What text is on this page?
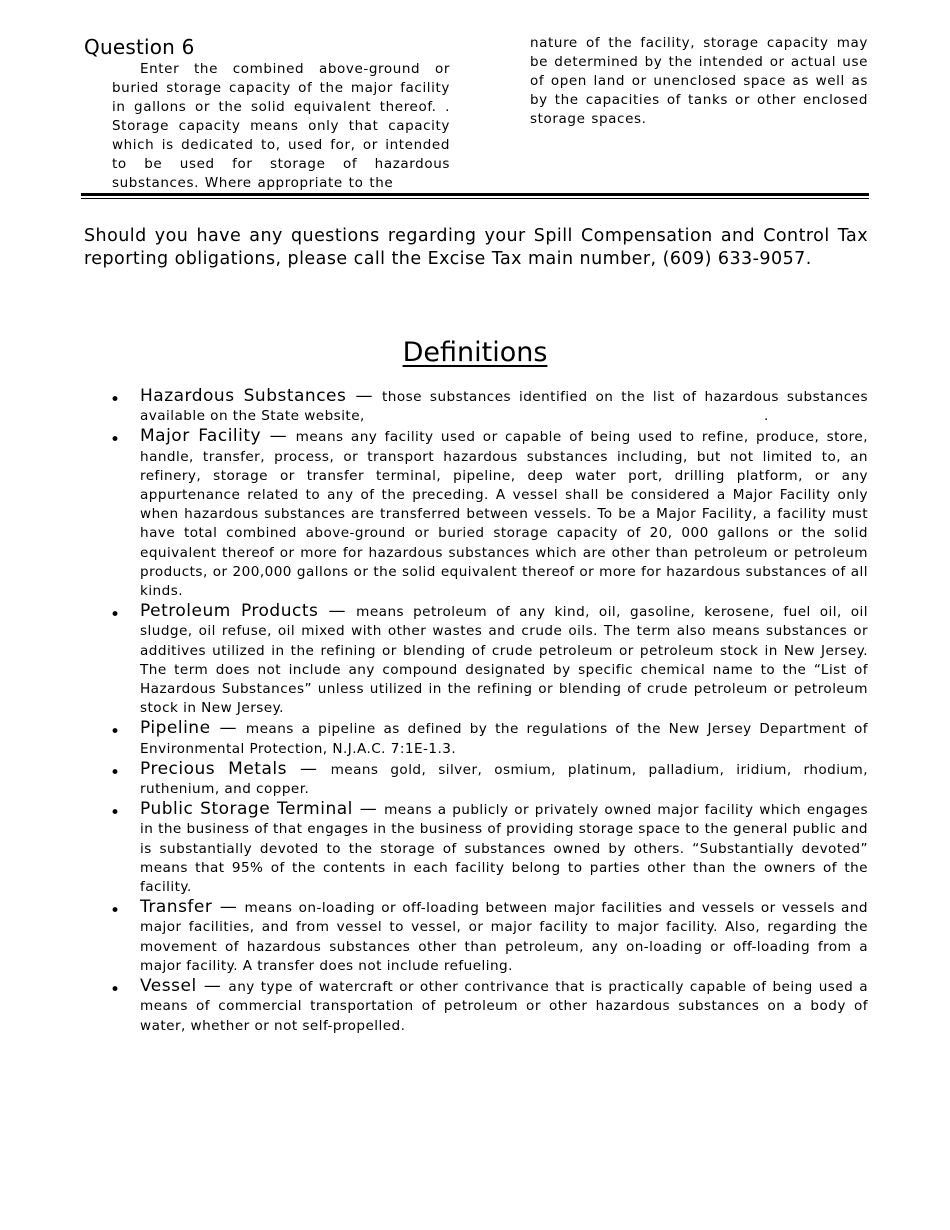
Question 6

Enter the combined above-ground or buried storage capacity of the major facility in gallons or the solid equivalent thereof. . Storage capacity means only that capacity which is dedicated to, used for, or intended to be used for storage of hazardous substances. Where appropriate to the

nature of the facility, storage capacity may be determined by the intended or actual use of open land or unenclosed space as well as by the capacities of tanks or other enclosed storage spaces.

Should you have any questions regarding your Spill Compensation and Control Tax reporting obligations, please call the Excise Tax main number, (609) 633-9057.

Definitions
• Hazardous Substances — those substances identified on the list of hazardous substances available on the State website,	.

• Major Facility — means any facility used or capable of being used to refine, produce, store, handle, transfer, process, or transport hazardous substances including, but not limited to, an refinery, storage or transfer terminal, pipeline, deep water port, drilling platform, or any appurtenance related to any of the preceding. A vessel shall be considered a Major Facility only when hazardous substances are transferred between vessels. To be a Major Facility, a facility must have total combined above-ground or buried storage capacity of 20, 000 gallons or the solid equivalent thereof or more for hazardous substances which are other than petroleum or petroleum products, or 200,000 gallons or the solid equivalent thereof or more for hazardous substances of all kinds.

• Petroleum Products — means petroleum of any kind, oil, gasoline, kerosene, fuel oil, oil sludge, oil refuse, oil mixed with other wastes and crude oils. The term also means substances or additives utilized in the refining or blending of crude petroleum or petroleum stock in New Jersey. The term does not include any compound designated by specific chemical name to the “List of Hazardous Substances” unless utilized in the refining or blending of crude petroleum or petroleum stock in New Jersey.

• Pipeline — means a pipeline as defined by the regulations of the New Jersey Department of Environmental Protection, N.J.A.C. 7:1E-1.3.

• Precious Metals — means gold, silver, osmium, platinum, palladium, iridium, rhodium, ruthenium, and copper.

• Public Storage Terminal — means a publicly or privately owned major facility which engages in the business of that engages in the business of providing storage space to the general public and is substantially devoted to the storage of substances owned by others. “Substantially devoted” means that 95% of the contents in each facility belong to parties other than the owners of the facility.

• Transfer — means on-loading or off-loading between major facilities and vessels or vessels and major facilities, and from vessel to vessel, or major facility to major facility. Also, regarding the movement of hazardous substances other than petroleum, any on-loading or off-loading from a major facility. A transfer does not include refueling.

• Vessel — any type of watercraft or other contrivance that is practically capable of being used a means of commercial transportation of petroleum or other hazardous substances on a body of water, whether or not self-propelled.
